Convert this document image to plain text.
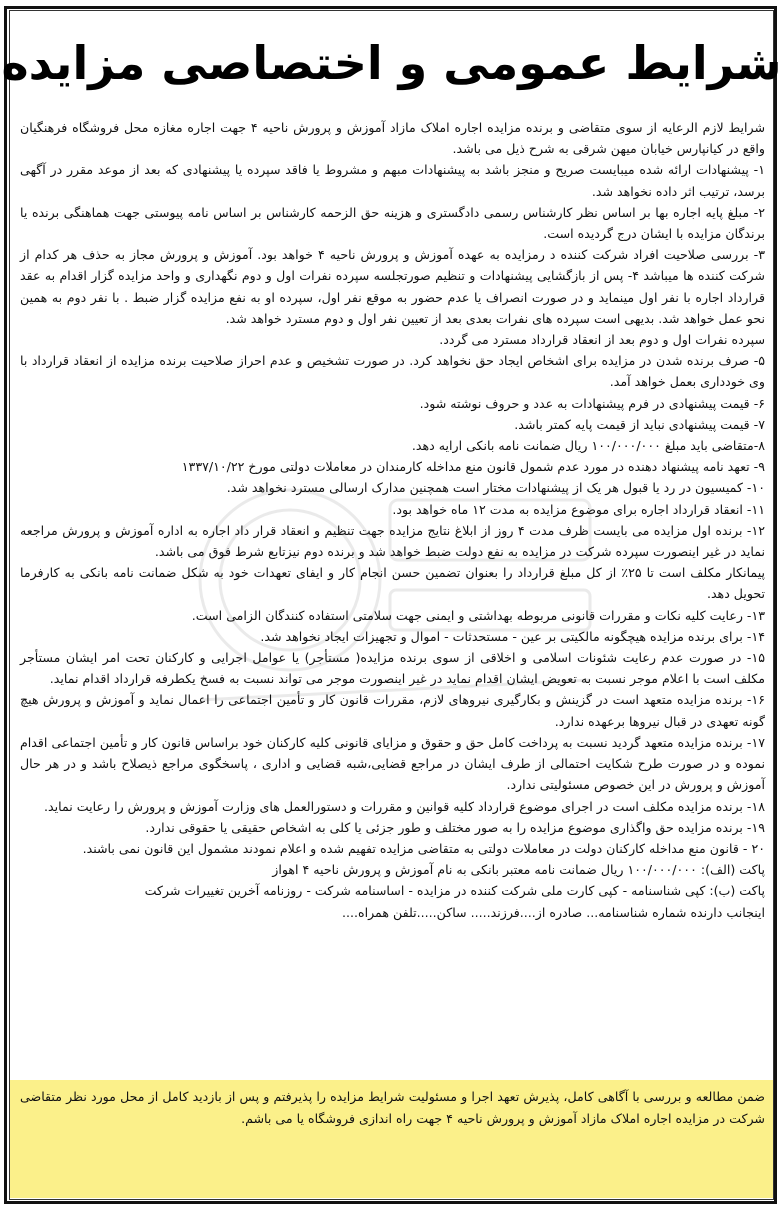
شرایط عمومی و اختصاصی مزایده

شرایط لازم الرعایه از سوی متقاضی و برنده مزایده اجاره املاک مازاد آموزش و پرورش ناحیه ۴ جهت اجاره مغازه محل فروشگاه فرهنگیان واقع در کیانپارس خیابان میهن شرقی به شرح ذیل می باشد.

۱- پیشنهادات ارائه شده میبایست صریح و منجز باشد به پیشنهادات مبهم و مشروط یا فاقد سپرده یا پیشنهادی که بعد از موعد مقرر در آگهی برسد، ترتیب اثر داده نخواهد شد.

۲- مبلغ پایه اجاره بها بر اساس نظر کارشناس رسمی دادگستری و هزینه حق الزحمه کارشناس بر اساس نامه پیوستی جهت هماهنگی برنده یا برندگان مزایده با ایشان درج گردیده است.

۳- بررسی صلاحیت افراد شرکت کننده د رمزایده به عهده آموزش و پرورش ناحیه ۴ خواهد بود. آموزش و پرورش مجاز به حذف هر کدام از شرکت کننده ها میباشد ۴- پس از بازگشایی پیشنهادات و تنظیم صورتجلسه سپرده نفرات اول و دوم نگهداری و واحد مزایده گزار اقدام به عقد قرارداد اجاره با نفر اول مینماید و در صورت انصراف یا عدم حضور به موقع نفر اول، سپرده او به نفع مزایده گزار ضبط . با نفر دوم به همین نحو عمل خواهد شد. بدیهی است سپرده های نفرات بعدی بعد از تعیین نفر اول و دوم مسترد خواهد شد.

سپرده نفرات اول و دوم بعد از انعقاد قرارداد مسترد می گردد.

۵- صرف برنده شدن در مزایده برای اشخاص ایجاد حق نخواهد کرد. در صورت تشخیص و عدم احراز صلاحیت برنده مزایده از انعقاد قرارداد با وی خودداری بعمل خواهد آمد.

۶- قیمت پیشنهادی در فرم پیشنهادات به عدد و حروف نوشته شود.

۷- قیمت پیشنهادی نباید از قیمت پایه کمتر باشد.

۸-متقاضی باید مبلغ ۱۰۰/۰۰۰/۰۰۰ ریال ضمانت نامه بانکی ارایه دهد.

۹- تعهد نامه پیشنهاد دهنده در مورد عدم شمول قانون منع مداخله کارمندان در معاملات دولتی مورخ ۱۳۳۷/۱۰/۲۲

۱۰- کمیسیون در رد یا قبول هر یک از پیشنهادات مختار است همچنین مدارک ارسالی مسترد نخواهد شد.

۱۱- انعقاد قرارداد اجاره برای موضوع مزایده به مدت ۱۲ ماه خواهد بود.

۱۲- برنده اول مزایده می بایست ظرف مدت ۴ روز از ابلاغ نتایج مزایده جهت تنظیم و انعقاد قرار داد اجاره به اداره آموزش و پرورش مراجعه نماید در غیر اینصورت سپرده شرکت در مزایده به نفع دولت ضبط خواهد شد و برنده دوم نیزتابع شرط فوق می باشد.

پیمانکار مکلف است تا ۲۵٪ از کل مبلغ قرارداد را بعنوان تضمین حسن انجام کار و ایفای تعهدات خود به شکل ضمانت نامه بانکی به کارفرما تحویل دهد.

۱۳- رعایت کلیه نکات و مقررات قانونی مربوطه بهداشتی و ایمنی جهت سلامتی استفاده کنندگان الزامی است.

۱۴- برای برنده مزایده هیچگونه مالکیتی بر عین - مستحدثات - اموال و تجهیزات ایجاد نخواهد شد.

۱۵- در صورت عدم رعایت شئونات اسلامی و اخلاقی از سوی برنده مزایده( مستأجر) یا عوامل اجرایی و کارکنان تحت امر ایشان مستأجر مکلف است با اعلام موجر نسبت به تعویض ایشان اقدام نماید در غیر اینصورت موجر می تواند نسبت به فسخ یکطرفه قرارداد اقدام نماید.

۱۶- برنده مزایده متعهد است در گزینش و بکارگیری نیروهای لازم، مقررات قانون کار و تأمین اجتماعی را اعمال نماید و آموزش و پرورش هیچ گونه تعهدی در قبال نیروها برعهده ندارد.

۱۷- برنده مزایده متعهد گردید نسبت به پرداخت کامل حق و حقوق و مزایای قانونی کلیه کارکنان خود براساس قانون کار و تأمین اجتماعی اقدام نموده و در صورت طرح شکایت احتمالی از طرف ایشان در مراجع قضایی،شبه قضایی و اداری ، پاسخگوی مراجع ذیصلاح باشد و در هر حال آموزش و پرورش در این خصوص مسئولیتی ندارد.

۱۸- برنده مزایده مکلف است در اجرای موضوع قرارداد کلیه قوانین و مقررات و دستورالعمل های وزارت آموزش و پرورش را رعایت نماید.

۱۹- برنده مزایده حق واگذاری موضوع مزایده را به صور مختلف و طور جزئی یا کلی به اشخاص حقیقی یا حقوقی ندارد.

۲۰ - قانون منع مداخله کارکنان دولت در معاملات دولتی به متقاضی مزایده تفهیم شده و اعلام نمودند مشمول این قانون نمی باشند.

پاکت (الف): ۱۰۰/۰۰۰/۰۰۰ ریال ضمانت نامه معتبر بانکی به نام آموزش و پرورش ناحیه ۴ اهواز

پاکت (ب): کپی شناسنامه - کپی کارت ملی شرکت کننده در مزایده - اساسنامه شرکت - روزنامه آخرین تغییرات شرکت

اینجانب دارنده شماره شناسنامه... صادره از....فرزند..... ساکن.....تلفن همراه....

ضمن مطالعه و بررسی با آگاهی کامل، پذیرش تعهد اجرا و مسئولیت شرایط مزایده را پذیرفتم و پس از بازدید کامل از محل مورد نظر متقاضی شرکت در مزایده اجاره املاک مازاد آموزش و پرورش ناحیه ۴ جهت راه اندازی فروشگاه یا می باشم.
